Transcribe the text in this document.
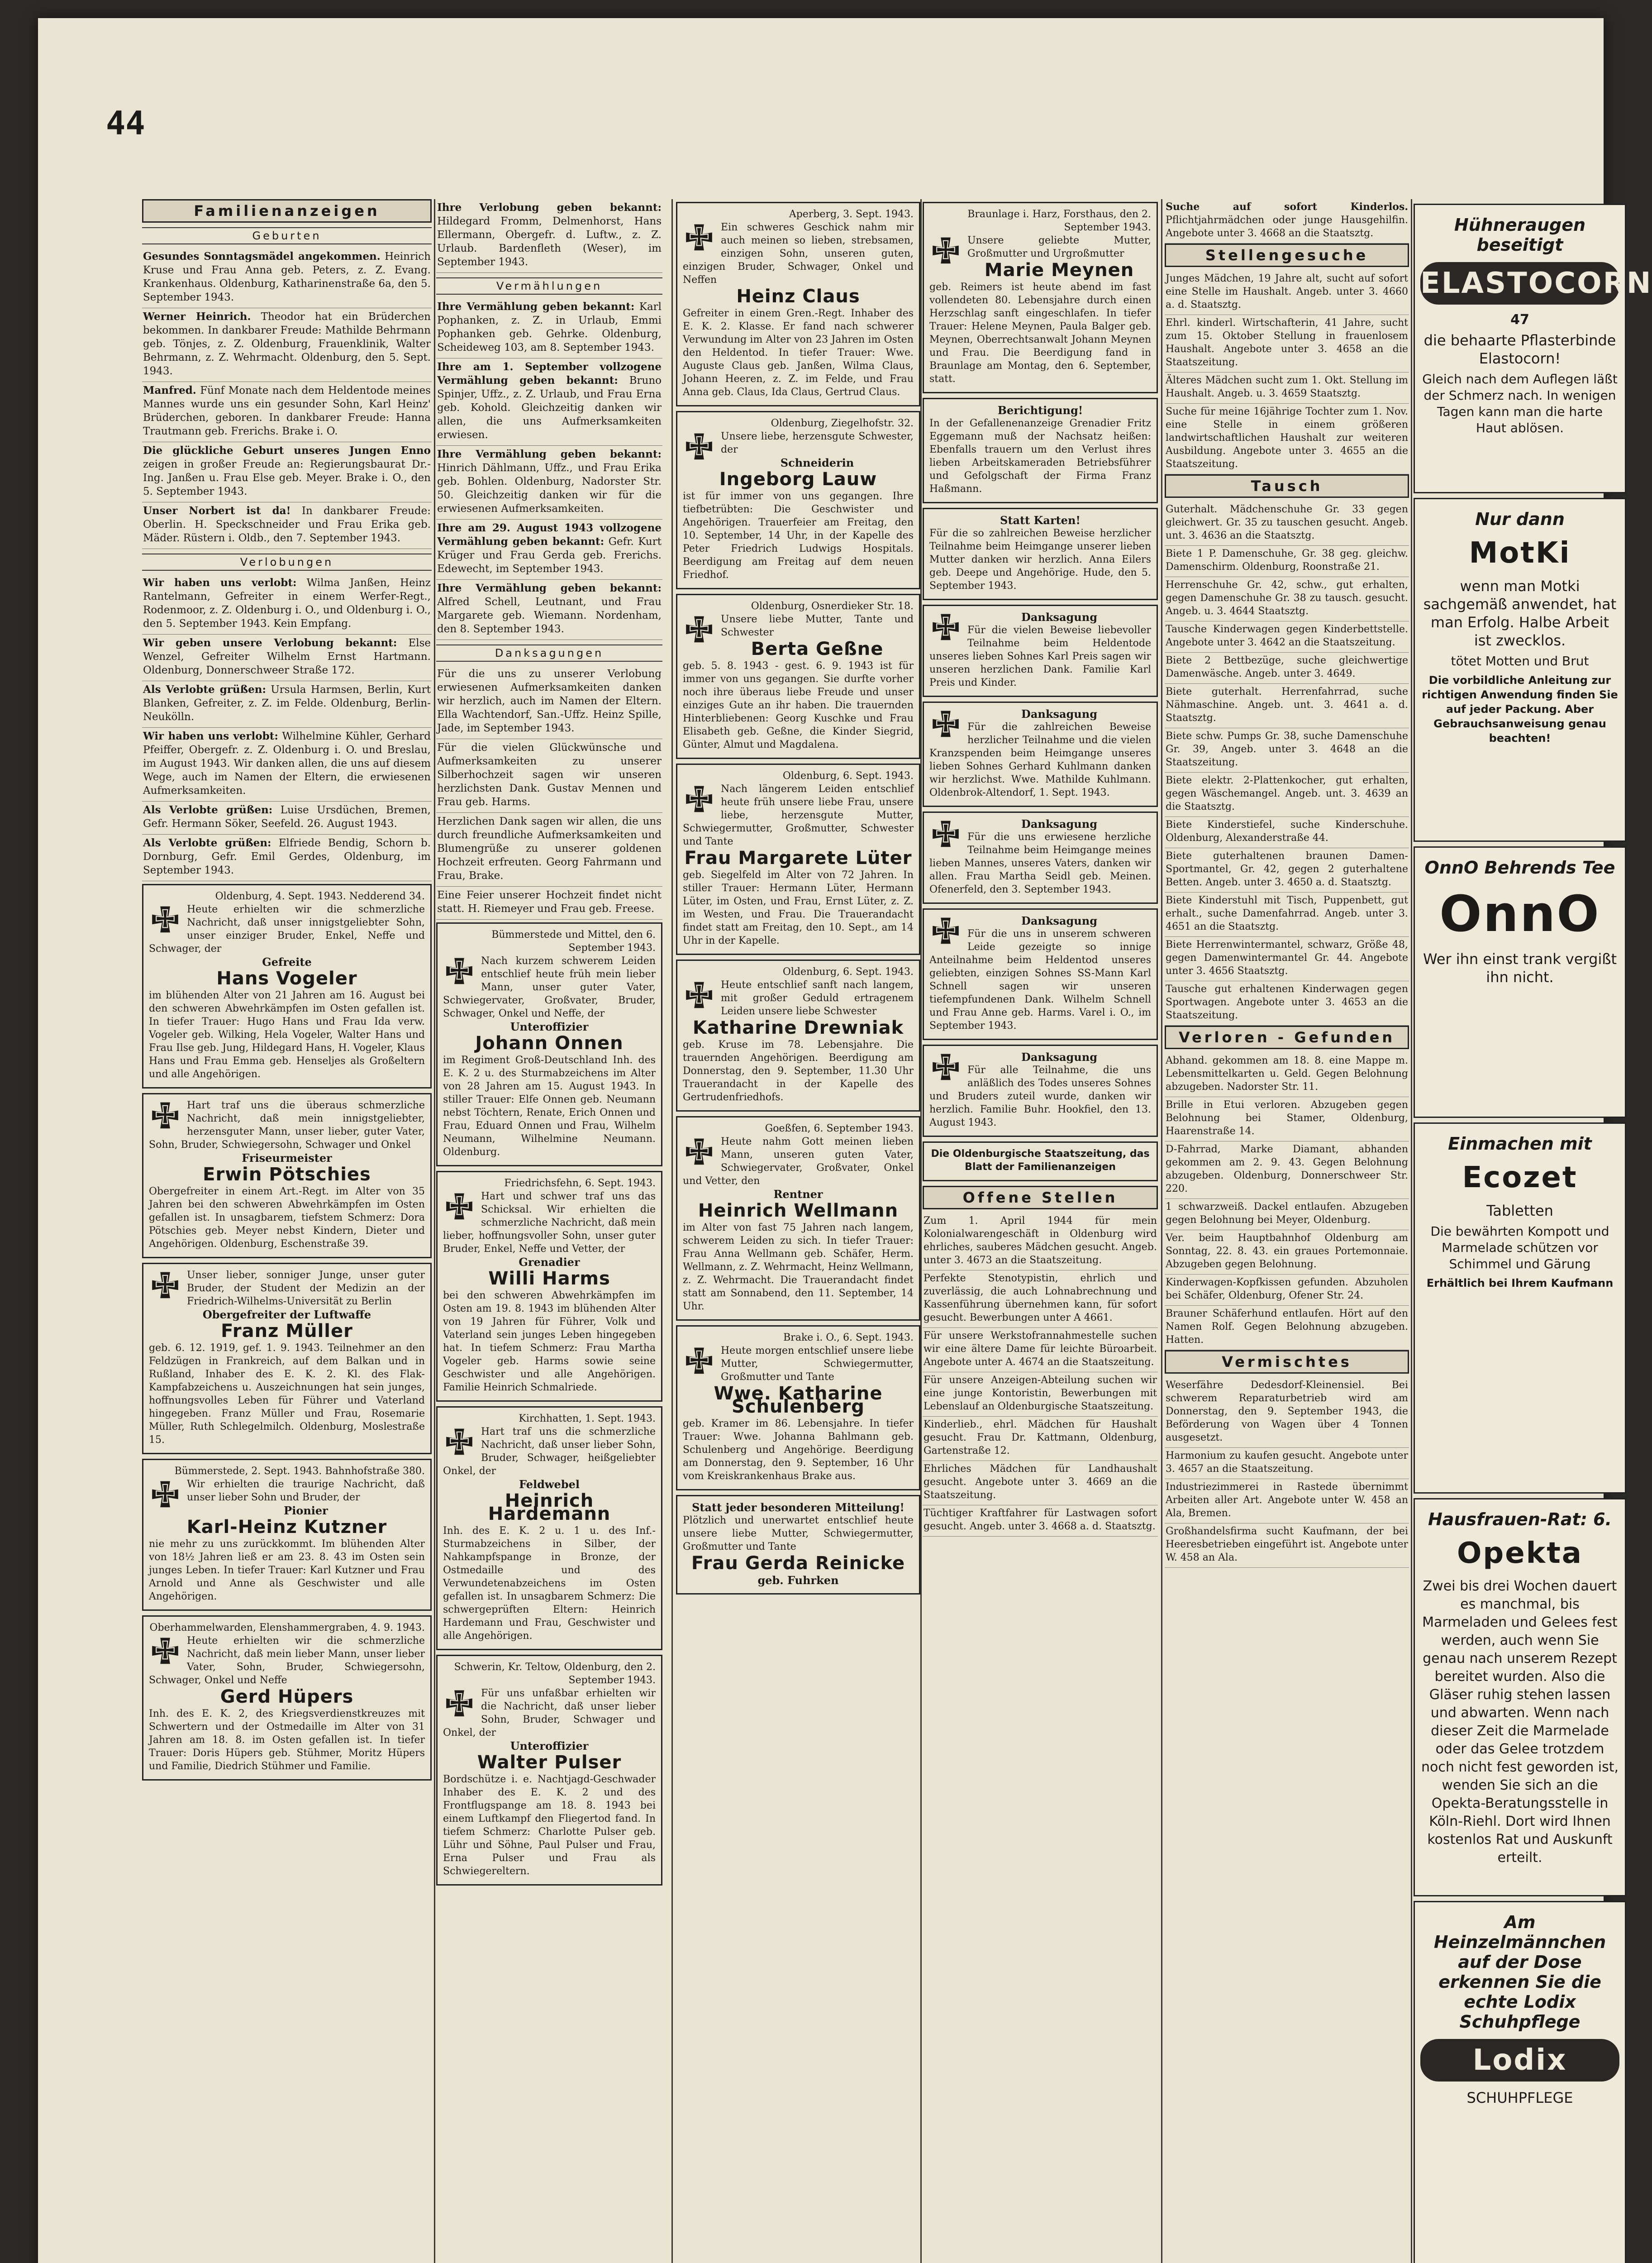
44
Familienanzeigen
Geburten
Gesundes Sonntagsmädel angekommen. Heinrich Kruse und Frau Anna geb. Peters, z. Z. Evang. Krankenhaus. Oldenburg, Katharinenstraße 6a, den 5. September 1943.
Werner Heinrich. Theodor hat ein Brüderchen bekommen. In dankbarer Freude: Mathilde Behrmann geb. Tönjes, z. Z. Oldenburg, Frauenklinik, Walter Behrmann, z. Z. Wehrmacht. Oldenburg, den 5. Sept. 1943.
Manfred. Fünf Monate nach dem Heldentode meines Mannes wurde uns ein gesunder Sohn, Karl Heinz' Brüderchen, geboren. In dankbarer Freude: Hanna Trautmann geb. Frerichs. Brake i. O.
Die glückliche Geburt unseres Jungen Enno zeigen in großer Freude an: Regierungsbaurat Dr.-Ing. Janßen u. Frau Else geb. Meyer. Brake i. O., den 5. September 1943.
Unser Norbert ist da! In dankbarer Freude: Oberlin. H. Speckschneider und Frau Erika geb. Mäder. Rüstern i. Oldb., den 7. September 1943.
Verlobungen
Wir haben uns verlobt: Wilma Janßen, Heinz Rantelmann, Gefreiter in einem Werfer-Regt., Rodenmoor, z. Z. Oldenburg i. O., und Oldenburg i. O., den 5. September 1943. Kein Empfang.
Wir geben unsere Verlobung bekannt: Else Wenzel, Gefreiter Wilhelm Ernst Hartmann. Oldenburg, Donnerschweer Straße 172.
Als Verlobte grüßen: Ursula Harmsen, Berlin, Kurt Blanken, Gefreiter, z. Z. im Felde. Oldenburg, Berlin-Neukölln.
Wir haben uns verlobt: Wilhelmine Kühler, Gerhard Pfeiffer, Obergefr. z. Z. Oldenburg i. O. und Breslau, im August 1943. Wir danken allen, die uns auf diesem Wege, auch im Namen der Eltern, die erwiesenen Aufmerksamkeiten.
Als Verlobte grüßen: Luise Ursdüchen, Bremen, Gefr. Hermann Söker, Seefeld. 26. August 1943.
Als Verlobte grüßen: Elfriede Bendig, Schorn b. Dornburg, Gefr. Emil Gerdes, Oldenburg, im September 1943.
Oldenburg, 4. Sept. 1943. Nedderend 34.
Heute erhielten wir die schmerzliche Nachricht, daß unser innigstgeliebter Sohn, unser einziger Bruder, Enkel, Neffe und Schwager, der
Gefreite
Hans Vogeler
im blühenden Alter von 21 Jahren am 16. August bei den schweren Abwehrkämpfen im Osten gefallen ist. In tiefer Trauer: Hugo Hans und Frau Ida verw. Vogeler geb. Wilking, Hela Vogeler, Walter Hans und Frau Ilse geb. Jung, Hildegard Hans, H. Vogeler, Klaus Hans und Frau Emma geb. Henseljes als Großeltern und alle Angehörigen.
Hart traf uns die überaus schmerzliche Nachricht, daß mein innigstgeliebter, herzensguter Mann, unser lieber, guter Vater, Sohn, Bruder, Schwiegersohn, Schwager und Onkel
Friseurmeister
Erwin Pötschies
Obergefreiter in einem Art.-Regt. im Alter von 35 Jahren bei den schweren Abwehrkämpfen im Osten gefallen ist. In unsagbarem, tiefstem Schmerz: Dora Pötschies geb. Meyer nebst Kindern, Dieter und Angehörigen. Oldenburg, Eschenstraße 39.
Unser lieber, sonniger Junge, unser guter Bruder, der Student der Medizin an der Friedrich-Wilhelms-Universität zu Berlin
Obergefreiter der Luftwaffe
Franz Müller
geb. 6. 12. 1919, gef. 1. 9. 1943. Teilnehmer an den Feldzügen in Frankreich, auf dem Balkan und in Rußland, Inhaber des E. K. 2. Kl. des Flak-Kampfabzeichens u. Auszeichnungen hat sein junges, hoffnungsvolles Leben für Führer und Vaterland hingegeben. Franz Müller und Frau, Rosemarie Müller, Ruth Schlegelmilch. Oldenburg, Moslestraße 15.
Bümmerstede, 2. Sept. 1943. Bahnhofstraße 380.
Wir erhielten die traurige Nachricht, daß unser lieber Sohn und Bruder, der
Pionier
Karl-Heinz Kutzner
nie mehr zu uns zurückkommt. Im blühenden Alter von 18½ Jahren ließ er am 23. 8. 43 im Osten sein junges Leben. In tiefer Trauer: Karl Kutzner und Frau Arnold und Anne als Geschwister und alle Angehörigen.
Oberhammelwarden, Elenshammergraben, 4. 9. 1943.
Heute erhielten wir die schmerzliche Nachricht, daß mein lieber Mann, unser lieber Vater, Sohn, Bruder, Schwiegersohn, Schwager, Onkel und Neffe
Gerd Hüpers
Inh. des E. K. 2, des Kriegsverdienstkreuzes mit Schwertern und der Ostmedaille im Alter von 31 Jahren am 18. 8. im Osten gefallen ist. In tiefer Trauer: Doris Hüpers geb. Stühmer, Moritz Hüpers und Familie, Diedrich Stühmer und Familie.
Ihre Verlobung geben bekannt: Hildegard Fromm, Delmenhorst, Hans Ellermann, Obergefr. d. Luftw., z. Z. Urlaub. Bardenfleth (Weser), im September 1943.
Vermählungen
Ihre Vermählung geben bekannt: Karl Pophanken, z. Z. in Urlaub, Emmi Pophanken geb. Gehrke. Oldenburg, Scheideweg 103, am 8. September 1943.
Ihre am 1. September vollzogene Vermählung geben bekannt: Bruno Spinjer, Uffz., z. Z. Urlaub, und Frau Erna geb. Kohold. Gleichzeitig danken wir allen, die uns Aufmerksamkeiten erwiesen.
Ihre Vermählung geben bekannt: Hinrich Dählmann, Uffz., und Frau Erika geb. Bohlen. Oldenburg, Nadorster Str. 50. Gleichzeitig danken wir für die erwiesenen Aufmerksamkeiten.
Ihre am 29. August 1943 vollzogene Vermählung geben bekannt: Gefr. Kurt Krüger und Frau Gerda geb. Frerichs. Edewecht, im September 1943.
Ihre Vermählung geben bekannt: Alfred Schell, Leutnant, und Frau Margarete geb. Wiemann. Nordenham, den 8. September 1943.
Danksagungen
Für die uns zu unserer Verlobung erwiesenen Aufmerksamkeiten danken wir herzlich, auch im Namen der Eltern. Ella Wachtendorf, San.-Uffz. Heinz Spille, Jade, im September 1943.
Für die vielen Glückwünsche und Aufmerksamkeiten zu unserer Silberhochzeit sagen wir unseren herzlichsten Dank. Gustav Mennen und Frau geb. Harms.
Herzlichen Dank sagen wir allen, die uns durch freundliche Aufmerksamkeiten und Blumengrüße zu unserer goldenen Hochzeit erfreuten. Georg Fahrmann und Frau, Brake.
Eine Feier unserer Hochzeit findet nicht statt. H. Riemeyer und Frau geb. Freese.
Bümmerstede und Mittel, den 6. September 1943.
Nach kurzem schwerem Leiden entschlief heute früh mein lieber Mann, unser guter Vater, Schwiegervater, Großvater, Bruder, Schwager, Onkel und Neffe, der
Unteroffizier
Johann Onnen
im Regiment Groß-Deutschland Inh. des E. K. 2 u. des Sturmabzeichens im Alter von 28 Jahren am 15. August 1943. In stiller Trauer: Elfe Onnen geb. Neumann nebst Töchtern, Renate, Erich Onnen und Frau, Eduard Onnen und Frau, Wilhelm Neumann, Wilhelmine Neumann. Oldenburg.
Friedrichsfehn, 6. Sept. 1943.
Hart und schwer traf uns das Schicksal. Wir erhielten die schmerzliche Nachricht, daß mein lieber, hoffnungsvoller Sohn, unser guter Bruder, Enkel, Neffe und Vetter, der
Grenadier
Willi Harms
bei den schweren Abwehrkämpfen im Osten am 19. 8. 1943 im blühenden Alter von 19 Jahren für Führer, Volk und Vaterland sein junges Leben hingegeben hat. In tiefem Schmerz: Frau Martha Vogeler geb. Harms sowie seine Geschwister und alle Angehörigen. Familie Heinrich Schmalriede.
Kirchhatten, 1. Sept. 1943.
Hart traf uns die schmerzliche Nachricht, daß unser lieber Sohn, Bruder, Schwager, heißgeliebter Onkel, der
Feldwebel
Heinrich Hardemann
Inh. des E. K. 2 u. 1 u. des Inf.-Sturmabzeichens in Silber, der Nahkampfspange in Bronze, der Ostmedaille und des Verwundetenabzeichens im Osten gefallen ist. In unsagbarem Schmerz: Die schwergeprüften Eltern: Heinrich Hardemann und Frau, Geschwister und alle Angehörigen.
Schwerin, Kr. Teltow, Oldenburg, den 2. September 1943.
Für uns unfaßbar erhielten wir die Nachricht, daß unser lieber Sohn, Bruder, Schwager und Onkel, der
Unteroffizier
Walter Pulser
Bordschütze i. e. Nachtjagd-Geschwader Inhaber des E. K. 2 und des Frontflugspange am 18. 8. 1943 bei einem Luftkampf den Fliegertod fand. In tiefem Schmerz: Charlotte Pulser geb. Lühr und Söhne, Paul Pulser und Frau, Erna Pulser und Frau als Schwiegereltern.
Aperberg, 3. Sept. 1943.
Ein schweres Geschick nahm mir auch meinen so lieben, strebsamen, einzigen Sohn, unseren guten, einzigen Bruder, Schwager, Onkel und Neffen
Heinz Claus
Gefreiter in einem Gren.-Regt. Inhaber des E. K. 2. Klasse. Er fand nach schwerer Verwundung im Alter von 23 Jahren im Osten den Heldentod. In tiefer Trauer: Wwe. Auguste Claus geb. Janßen, Wilma Claus, Johann Heeren, z. Z. im Felde, und Frau Anna geb. Claus, Ida Claus, Gertrud Claus.
Oldenburg, Ziegelhofstr. 32.
Unsere liebe, herzensgute Schwester, der
Schneiderin
Ingeborg Lauw
ist für immer von uns gegangen. Ihre tiefbetrübten: Die Geschwister und Angehörigen. Trauerfeier am Freitag, den 10. September, 14 Uhr, in der Kapelle des Peter Friedrich Ludwigs Hospitals. Beerdigung am Freitag auf dem neuen Friedhof.
Oldenburg, Osnerdieker Str. 18.
Unsere liebe Mutter, Tante und Schwester
Berta Geßne
geb. 5. 8. 1943 - gest. 6. 9. 1943 ist für immer von uns gegangen. Sie durfte vorher noch ihre überaus liebe Freude und unser einziges Gute an ihr haben. Die trauernden Hinterbliebenen: Georg Kuschke und Frau Elisabeth geb. Geßne, die Kinder Siegrid, Günter, Almut und Magdalena.
Oldenburg, 6. Sept. 1943.
Nach längerem Leiden entschlief heute früh unsere liebe Frau, unsere liebe, herzensgute Mutter, Schwiegermutter, Großmutter, Schwester und Tante
Frau Margarete Lüter
geb. Siegelfeld im Alter von 72 Jahren. In stiller Trauer: Hermann Lüter, Hermann Lüter, im Osten, und Frau, Ernst Lüter, z. Z. im Westen, und Frau. Die Trauerandacht findet statt am Freitag, den 10. Sept., am 14 Uhr in der Kapelle.
Oldenburg, 6. Sept. 1943.
Heute entschlief sanft nach langem, mit großer Geduld ertragenem Leiden unsere liebe Schwester
Katharine Drewniak
geb. Kruse im 78. Lebensjahre. Die trauernden Angehörigen. Beerdigung am Donnerstag, den 9. September, 11.30 Uhr Trauerandacht in der Kapelle des Gertrudenfriedhofs.
Goeßfen, 6. September 1943.
Heute nahm Gott meinen lieben Mann, unseren guten Vater, Schwiegervater, Großvater, Onkel und Vetter, den
Rentner
Heinrich Wellmann
im Alter von fast 75 Jahren nach langem, schwerem Leiden zu sich. In tiefer Trauer: Frau Anna Wellmann geb. Schäfer, Herm. Wellmann, z. Z. Wehrmacht, Heinz Wellmann, z. Z. Wehrmacht. Die Trauerandacht findet statt am Sonnabend, den 11. September, 14 Uhr.
Brake i. O., 6. Sept. 1943.
Heute morgen entschlief unsere liebe Mutter, Schwiegermutter, Großmutter und Tante
Wwe. Katharine Schulenberg
geb. Kramer im 86. Lebensjahre. In tiefer Trauer: Wwe. Johanna Bahlmann geb. Schulenberg und Angehörige. Beerdigung am Donnerstag, den 9. September, 16 Uhr vom Kreiskrankenhaus Brake aus.
Statt jeder besonderen Mitteilung!
Plötzlich und unerwartet entschlief heute unsere liebe Mutter, Schwiegermutter, Großmutter und Tante
Frau Gerda Reinicke
geb. Fuhrken
Braunlage i. Harz, Forsthaus, den 2. September 1943.
Unsere geliebte Mutter, Großmutter und Urgroßmutter
Marie Meynen
geb. Reimers ist heute abend im fast vollendeten 80. Lebensjahre durch einen Herzschlag sanft eingeschlafen. In tiefer Trauer: Helene Meynen, Paula Balger geb. Meynen, Oberrechtsanwalt Johann Meynen und Frau. Die Beerdigung fand in Braunlage am Montag, den 6. September, statt.
Berichtigung!
In der Gefallenenanzeige Grenadier Fritz Eggemann muß der Nachsatz heißen: Ebenfalls trauern um den Verlust ihres lieben Arbeitskameraden Betriebsführer und Gefolgschaft der Firma Franz Haßmann.
Statt Karten!
Für die so zahlreichen Beweise herzlicher Teilnahme beim Heimgange unserer lieben Mutter danken wir herzlich. Anna Eilers geb. Deepe und Angehörige. Hude, den 5. September 1943.
Danksagung
Für die vielen Beweise liebevoller Teilnahme beim Heldentode unseres lieben Sohnes Karl Preis sagen wir unseren herzlichen Dank. Familie Karl Preis und Kinder.
Danksagung
Für die zahlreichen Beweise herzlicher Teilnahme und die vielen Kranzspenden beim Heimgange unseres lieben Sohnes Gerhard Kuhlmann danken wir herzlichst. Wwe. Mathilde Kuhlmann. Oldenbrok-Altendorf, 1. Sept. 1943.
Danksagung
Für die uns erwiesene herzliche Teilnahme beim Heimgange meines lieben Mannes, unseres Vaters, danken wir allen. Frau Martha Seidl geb. Meinen. Ofenerfeld, den 3. September 1943.
Danksagung
Für die uns in unserem schweren Leide gezeigte so innige Anteilnahme beim Heldentod unseres geliebten, einzigen Sohnes SS-Mann Karl Schnell sagen wir unseren tiefempfundenen Dank. Wilhelm Schnell und Frau Anne geb. Harms. Varel i. O., im September 1943.
Danksagung
Für alle Teilnahme, die uns anläßlich des Todes unseres Sohnes und Bruders zuteil wurde, danken wir herzlich. Familie Buhr. Hookfiel, den 13. August 1943.
Die Oldenburgische Staatszeitung, das Blatt der Familienanzeigen
Offene Stellen
Zum 1. April 1944 für mein Kolonialwarengeschäft in Oldenburg wird ehrliches, sauberes Mädchen gesucht. Angeb. unter 3. 4673 an die Staatszeitung.
Perfekte Stenotypistin, ehrlich und zuverlässig, die auch Lohnabrechnung und Kassenführung übernehmen kann, für sofort gesucht. Bewerbungen unter A 4661.
Für unsere Werkstofrannahmestelle suchen wir eine ältere Dame für leichte Büroarbeit. Angebote unter A. 4674 an die Staatszeitung.
Für unsere Anzeigen-Abteilung suchen wir eine junge Kontoristin, Bewerbungen mit Lebenslauf an Oldenburgische Staatszeitung.
Kinderlieb., ehrl. Mädchen für Haushalt gesucht. Frau Dr. Kattmann, Oldenburg, Gartenstraße 12.
Ehrliches Mädchen für Landhaushalt gesucht. Angebote unter 3. 4669 an die Staatszeitung.
Tüchtiger Kraftfahrer für Lastwagen sofort gesucht. Angeb. unter 3. 4668 a. d. Staatsztg.
Suche auf sofort Kinderlos. Pflichtjahrmädchen oder junge Hausgehilfin. Angebote unter 3. 4668 an die Staatsztg.
Stellengesuche
Junges Mädchen, 19 Jahre alt, sucht auf sofort eine Stelle im Haushalt. Angeb. unter 3. 4660 a. d. Staatsztg.
Ehrl. kinderl. Wirtschafterin, 41 Jahre, sucht zum 15. Oktober Stellung in frauenlosem Haushalt. Angebote unter 3. 4658 an die Staatszeitung.
Älteres Mädchen sucht zum 1. Okt. Stellung im Haushalt. Angeb. u. 3. 4659 Staatsztg.
Suche für meine 16jährige Tochter zum 1. Nov. eine Stelle in einem größeren landwirtschaftlichen Haushalt zur weiteren Ausbildung. Angebote unter 3. 4655 an die Staatszeitung.
Tausch
Guterhalt. Mädchenschuhe Gr. 33 gegen gleichwert. Gr. 35 zu tauschen gesucht. Angeb. unt. 3. 4636 an die Staatsztg.
Biete 1 P. Damenschuhe, Gr. 38 geg. gleichw. Damenschirm. Oldenburg, Roonstraße 21.
Herrenschuhe Gr. 42, schw., gut erhalten, gegen Damenschuhe Gr. 38 zu tausch. gesucht. Angeb. u. 3. 4644 Staatsztg.
Tausche Kinderwagen gegen Kinderbettstelle. Angebote unter 3. 4642 an die Staatszeitung.
Biete 2 Bettbezüge, suche gleichwertige Damenwäsche. Angeb. unter 3. 4649.
Biete guterhalt. Herrenfahrrad, suche Nähmaschine. Angeb. unt. 3. 4641 a. d. Staatsztg.
Biete schw. Pumps Gr. 38, suche Damenschuhe Gr. 39, Angeb. unter 3. 4648 an die Staatszeitung.
Biete elektr. 2-Plattenkocher, gut erhalten, gegen Wäschemangel. Angeb. unt. 3. 4639 an die Staatsztg.
Biete Kinderstiefel, suche Kinderschuhe. Oldenburg, Alexanderstraße 44.
Biete guterhaltenen braunen Damen-Sportmantel, Gr. 42, gegen 2 guterhaltene Betten. Angeb. unter 3. 4650 a. d. Staatsztg.
Biete Kinderstuhl mit Tisch, Puppenbett, gut erhalt., suche Damenfahrrad. Angeb. unter 3. 4651 an die Staatsztg.
Biete Herrenwintermantel, schwarz, Größe 48, gegen Damenwintermantel Gr. 44. Angebote unter 3. 4656 Staatsztg.
Tausche gut erhaltenen Kinderwagen gegen Sportwagen. Angebote unter 3. 4653 an die Staatszeitung.
Verloren - Gefunden
Abhand. gekommen am 18. 8. eine Mappe m. Lebensmittelkarten u. Geld. Gegen Belohnung abzugeben. Nadorster Str. 11.
Brille in Etui verloren. Abzugeben gegen Belohnung bei Stamer, Oldenburg, Haarenstraße 14.
D-Fahrrad, Marke Diamant, abhanden gekommen am 2. 9. 43. Gegen Belohnung abzugeben. Oldenburg, Donnerschweer Str. 220.
1 schwarzweiß. Dackel entlaufen. Abzugeben gegen Belohnung bei Meyer, Oldenburg.
Ver. beim Hauptbahnhof Oldenburg am Sonntag, 22. 8. 43. ein graues Portemonnaie. Abzugeben gegen Belohnung.
Kinderwagen-Kopfkissen gefunden. Abzuholen bei Schäfer, Oldenburg, Ofener Str. 24.
Brauner Schäferhund entlaufen. Hört auf den Namen Rolf. Gegen Belohnung abzugeben. Hatten.
Vermischtes
Weserfähre Dedesdorf-Kleinensiel. Bei schwerem Reparaturbetrieb wird am Donnerstag, den 9. September 1943, die Beförderung von Wagen über 4 Tonnen ausgesetzt.
Harmonium zu kaufen gesucht. Angebote unter 3. 4657 an die Staatszeitung.
Industriezimmerei in Rastede übernimmt Arbeiten aller Art. Angebote unter W. 458 an Ala, Bremen.
Großhandelsfirma sucht Kaufmann, der bei Heeresbetrieben eingeführt ist. Angebote unter W. 458 an Ala.
Hühneraugen beseitigt
ELASTOCORN
47
die behaarte Pflasterbinde Elastocorn!
Gleich nach dem Auflegen läßt der Schmerz nach. In wenigen Tagen kann man die harte Haut ablösen.
Nur dann
MotKi
wenn man Motki sachgemäß anwendet, hat man Erfolg. Halbe Arbeit ist zwecklos.
tötet Motten und Brut
Die vorbildliche Anleitung zur richtigen Anwendung finden Sie auf jeder Packung. Aber Gebrauchsanweisung genau beachten!
OnnO Behrends Tee
OnnO
Wer ihn einst trank vergißt ihn nicht.
Einmachen mit
Ecozet
Tabletten
Die bewährten Kompott und Marmelade schützen vor Schimmel und Gärung
Erhältlich bei Ihrem Kaufmann
Hausfrauen-Rat: 6.
Opekta
Zwei bis drei Wochen dauert es manchmal, bis Marmeladen und Gelees fest werden, auch wenn Sie genau nach unserem Rezept bereitet wurden. Also die Gläser ruhig stehen lassen und abwarten. Wenn nach dieser Zeit die Marmelade oder das Gelee trotzdem noch nicht fest geworden ist, wenden Sie sich an die Opekta-Beratungsstelle in Köln-Riehl. Dort wird Ihnen kostenlos Rat und Auskunft erteilt.
Am Heinzelmännchen auf der Dose erkennen Sie die echte Lodix Schuhpflege
Lodix
SCHUHPFLEGE
